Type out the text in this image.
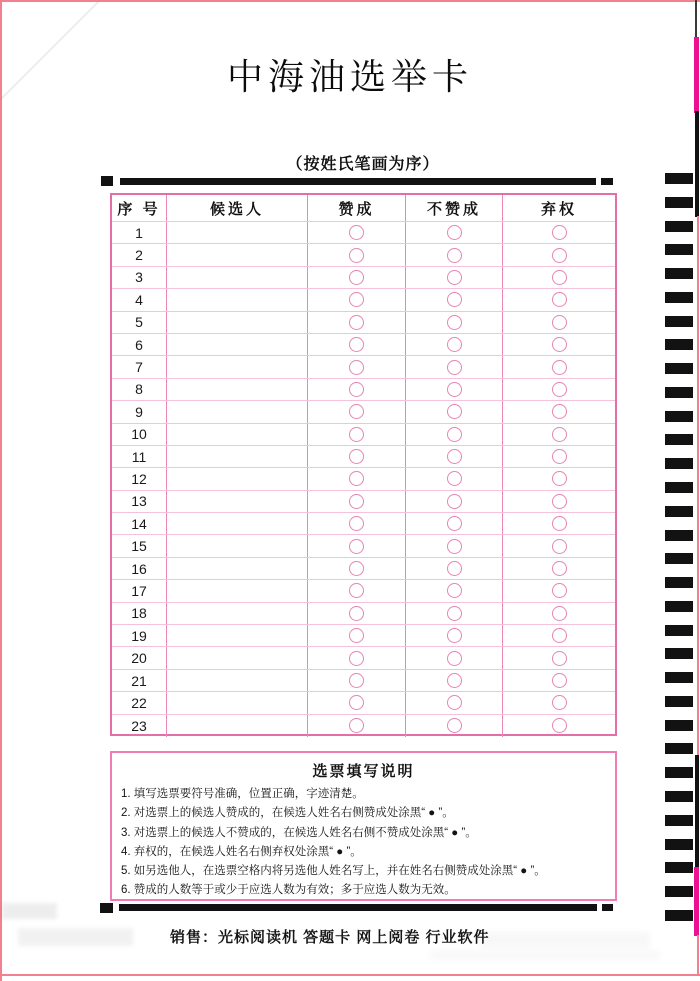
中海油选举卡
（按姓氏笔画为序）
序 号	候选人	赞成	不赞成	弃权
1
2
3
4
5
6
7
8
9
10
11
12
13
14
15
16
17
18
19
20
21
22
23
选票填写说明
1. 填写选票要符号准确，位置正确，字迹清楚。
2. 对选票上的候选人赞成的，在候选人姓名右侧赞成处涂黑“ ● ”。
3. 对选票上的候选人不赞成的，在候选人姓名右侧不赞成处涂黑“ ● ”。
4. 弃权的，在候选人姓名右侧弃权处涂黑“ ● ”。
5. 如另选他人，在选票空格内将另选他人姓名写上，并在姓名右侧赞成处涂黑“ ● ”。
6. 赞成的人数等于或少于应选人数为有效；多于应选人数为无效。
销售：光标阅读机 答题卡 网上阅卷 行业软件
